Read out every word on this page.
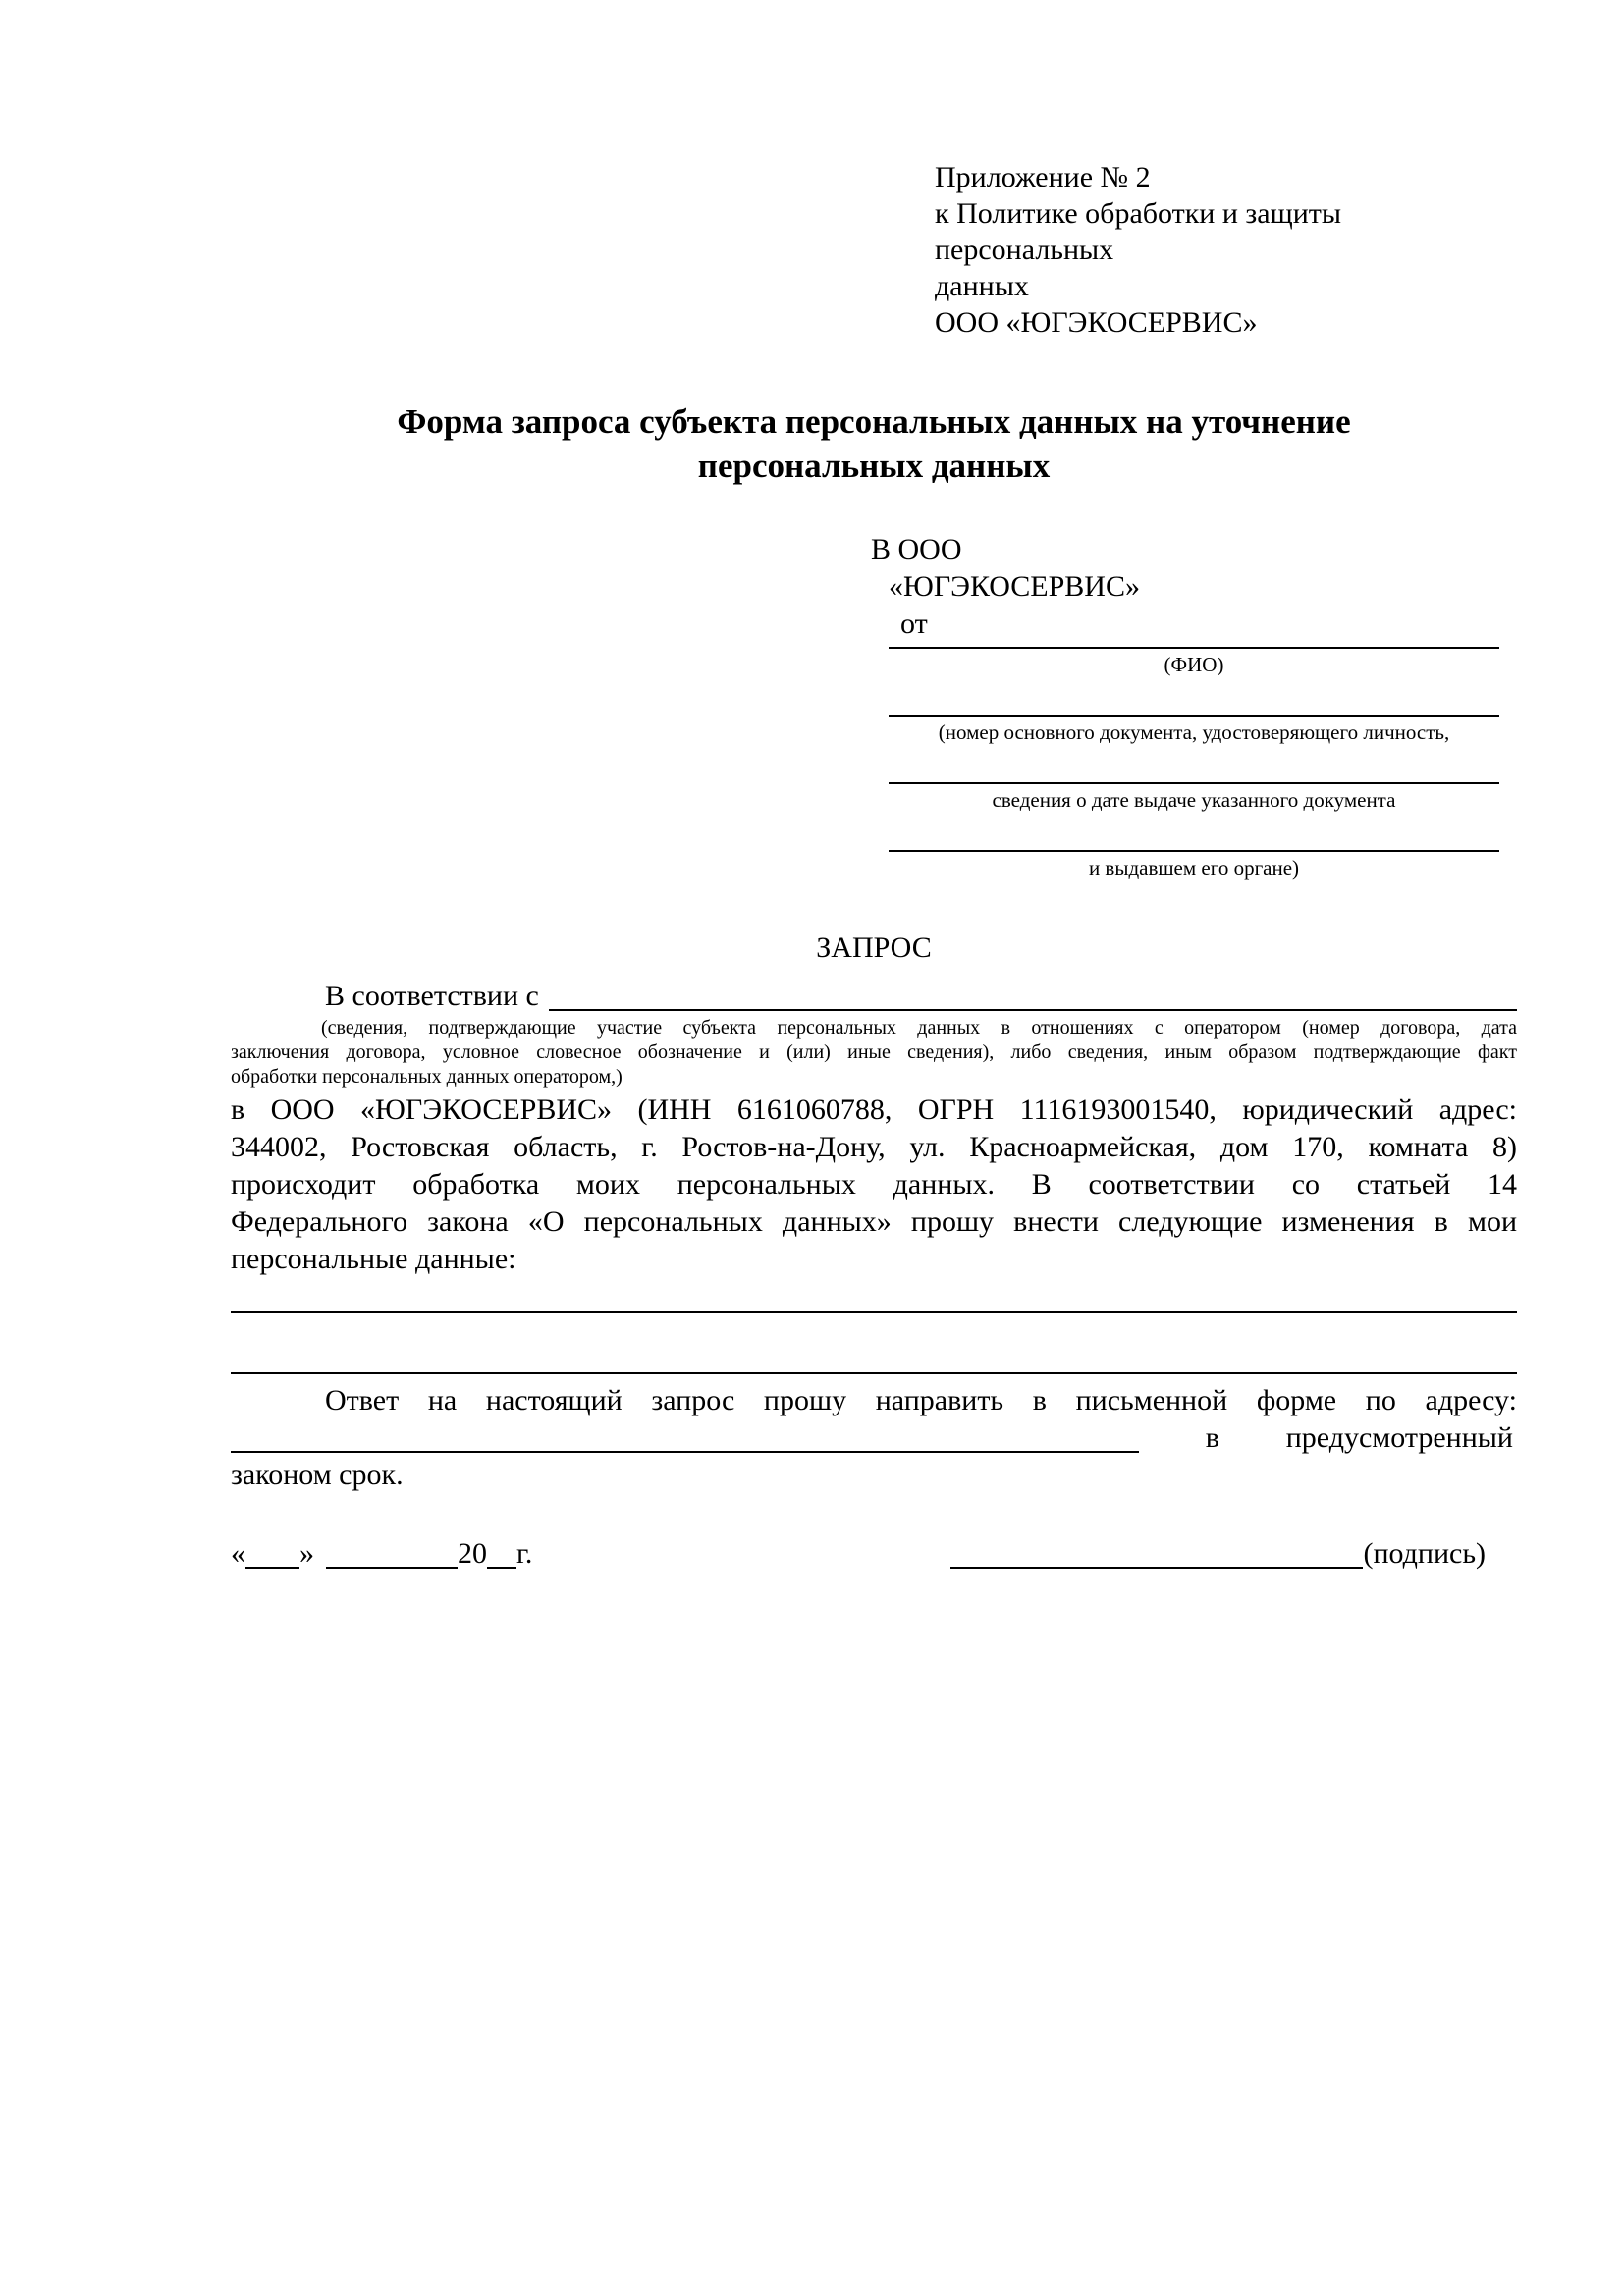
Приложение № 2
к Политике обработки и защиты персональных
данных
ООО «ЮГЭКОСЕРВИС»
Форма запроса субъекта персональных данных на уточнение
персональных данных
В ООО
«ЮГЭКОСЕРВИС»
от
(ФИО)
(номер основного документа, удостоверяющего личность,
сведения о дате выдаче указанного документа
и выдавшем его органе)
ЗАПРОС
В соответствии с
(сведения, подтверждающие участие субъекта персональных данных в отношениях с оператором (номер договора, дата
заключения договора, условное словесное обозначение и (или) иные сведения), либо сведения, иным образом подтверждающие факт
обработки персональных данных оператором,)
в ООО «ЮГЭКОСЕРВИС» (ИНН 6161060788, ОГРН 1116193001540, юридический адрес:
344002, Ростовская область, г. Ростов-на-Дону, ул. Красноармейская, дом 170, комната 8)
происходит обработка моих персональных данных. В соответствии со статьей 14
Федерального закона «О персональных данных» прошу внести следующие изменения в мои
персональные данные:
Ответ на настоящий запрос прошу направить в письменной форме по адресу:
в предусмотренный
законом срок.
« »	20 г.	(подпись)
